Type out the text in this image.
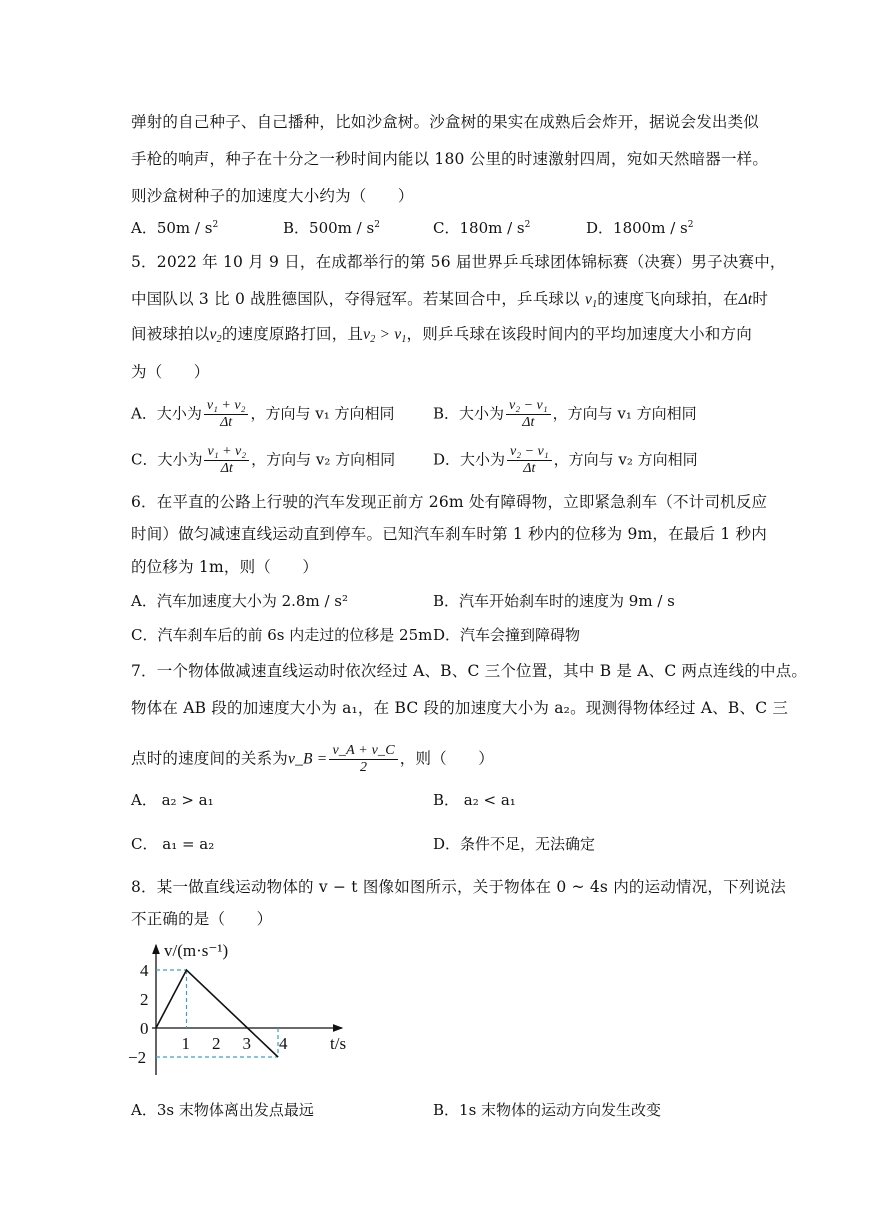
弹射的自己种子、自己播种，比如沙盒树。沙盒树的果实在成熟后会炸开，据说会发出类似
手枪的响声，种子在十分之一秒时间内能以 180 公里的时速激射四周，宛如天然暗器一样。
则沙盒树种子的加速度大小约为（　　）
A．$50m / s^2$	B．$500m / s^2$	C．$180m / s^2$	D．$1800m / s^2$
5．2022 年 10 月 9 日，在成都举行的第 56 届世界乒乓球团体锦标赛（决赛）男子决赛中，
中国队以 3 比 0 战胜德国队，夺得冠军。若某回合中，乒乓球以 $v_1$的速度飞向球拍，在Δt时
间被球拍以$v_2$的速度原路打回，且$v_2 > v_1$，则乒乓球在该段时间内的平均加速度大小和方向
为（　　）
A．大小为 $\frac{\text{v₁ + v₂}}{\Delta t}$ ，方向与 v₁ 方向相同	B．大小为 $\frac{\text{v₂ − v₁}}{\Delta t}$ ，方向与 v₁ 方向相同
C．大小为 $\frac{\text{v₁ + v₂}}{\Delta t}$ ，方向与 v₂ 方向相同	D．大小为 $\frac{\text{v₂ − v₁}}{\Delta t}$ ，方向与 v₂ 方向相同
6．在平直的公路上行驶的汽车发现正前方 26m 处有障碍物，立即紧急刹车（不计司机反应
时间）做匀减速直线运动直到停车。已知汽车刹车时第 1 秒内的位移为 9m，在最后 1 秒内
的位移为 1m，则（　　）
A．汽车加速度大小为 2.8m / s²	B．汽车开始刹车时的速度为 9m / s
C．汽车刹车后的前 6s 内走过的位移是 25m D．汽车会撞到障碍物
7．一个物体做减速直线运动时依次经过 A、B、C 三个位置，其中 B 是 A、C 两点连线的中点。
物体在 AB 段的加速度大小为 a₁，在 BC 段的加速度大小为 a₂。现测得物体经过 A、B、C 三
点时的速度间的关系为v_B = $\frac{v\_A + v\_C}{2}$ ，则（　　）
A． a₂ > a₁	B． a₂ < a₁
C． a₁ = a₂	D．条件不足，无法确定
8．某一做直线运动物体的 v − t 图像如图所示，关于物体在 0 ~ 4s 内的运动情况，下列说法
不正确的是（　　）
v/(m·s⁻¹)
t/s
4
2
0
−2
1 2 3 4
A．3s 末物体离出发点最远	B．1s 末物体的运动方向发生改变
